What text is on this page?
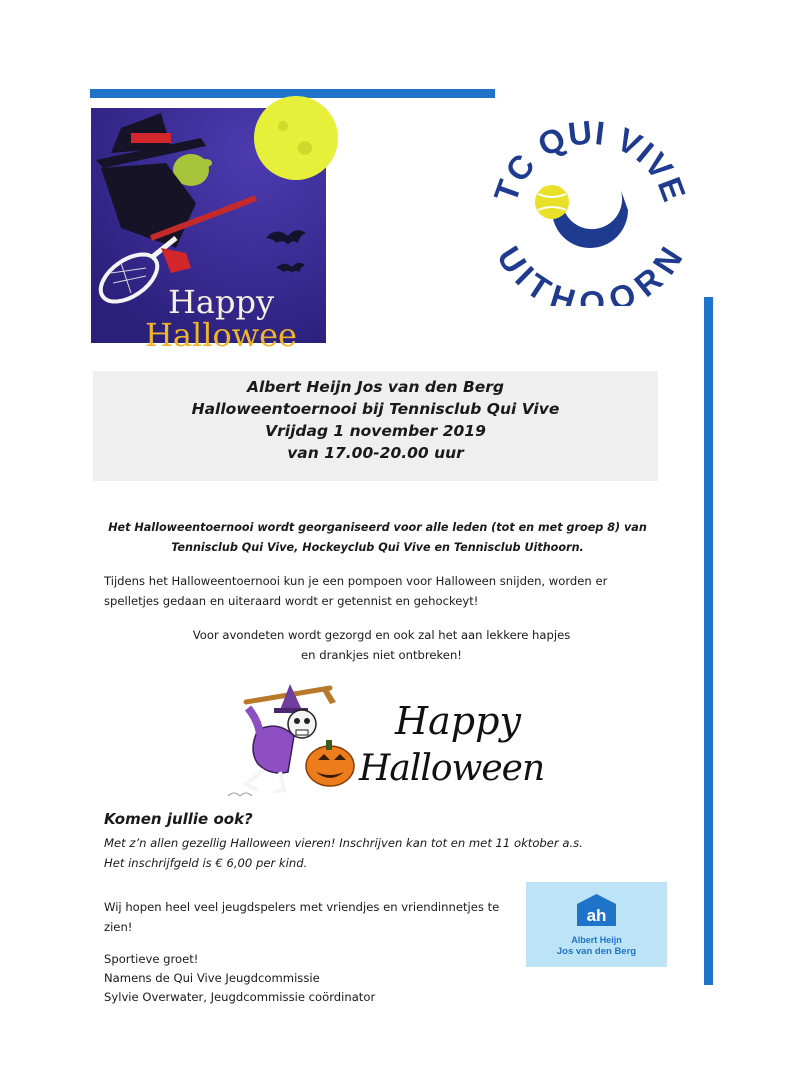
Happy
Hallowee
C QUI VIV
UITHOORN
Albert Heijn Jos van den Berg
Halloweentoernooi bij Tennisclub Qui Vive
Vrijdag 1 november 2019
van 17.00-20.00 uur
Het Halloweentoernooi wordt georganiseerd voor alle leden (tot en met groep 8) van
Tennisclub Qui Vive, Hockeyclub Qui Vive en Tennisclub Uithoorn.
Tijdens het Halloweentoernooi kun je een pompoen voor Halloween snijden, worden er
spelletjes gedaan en uiteraard wordt er getennist en gehockeyt!
Voor avondeten wordt gezorgd en ook zal het aan lekkere hapjes
en drankjes niet ontbreken!
Happy
Halloween
Komen jullie ook?
Met z’n allen gezellig Halloween vieren! Inschrijven kan tot en met 11 oktober a.s.
Het inschrijfgeld is € 6,00 per kind.
Wij hopen heel veel jeugdspelers met vriendjes en vriendinnetjes te
zien!
Sportieve groet!
Namens de Qui Vive Jeugdcommissie
Sylvie Overwater, Jeugdcommissie coördinator
ah
Albert Heijn
Jos van den Berg
